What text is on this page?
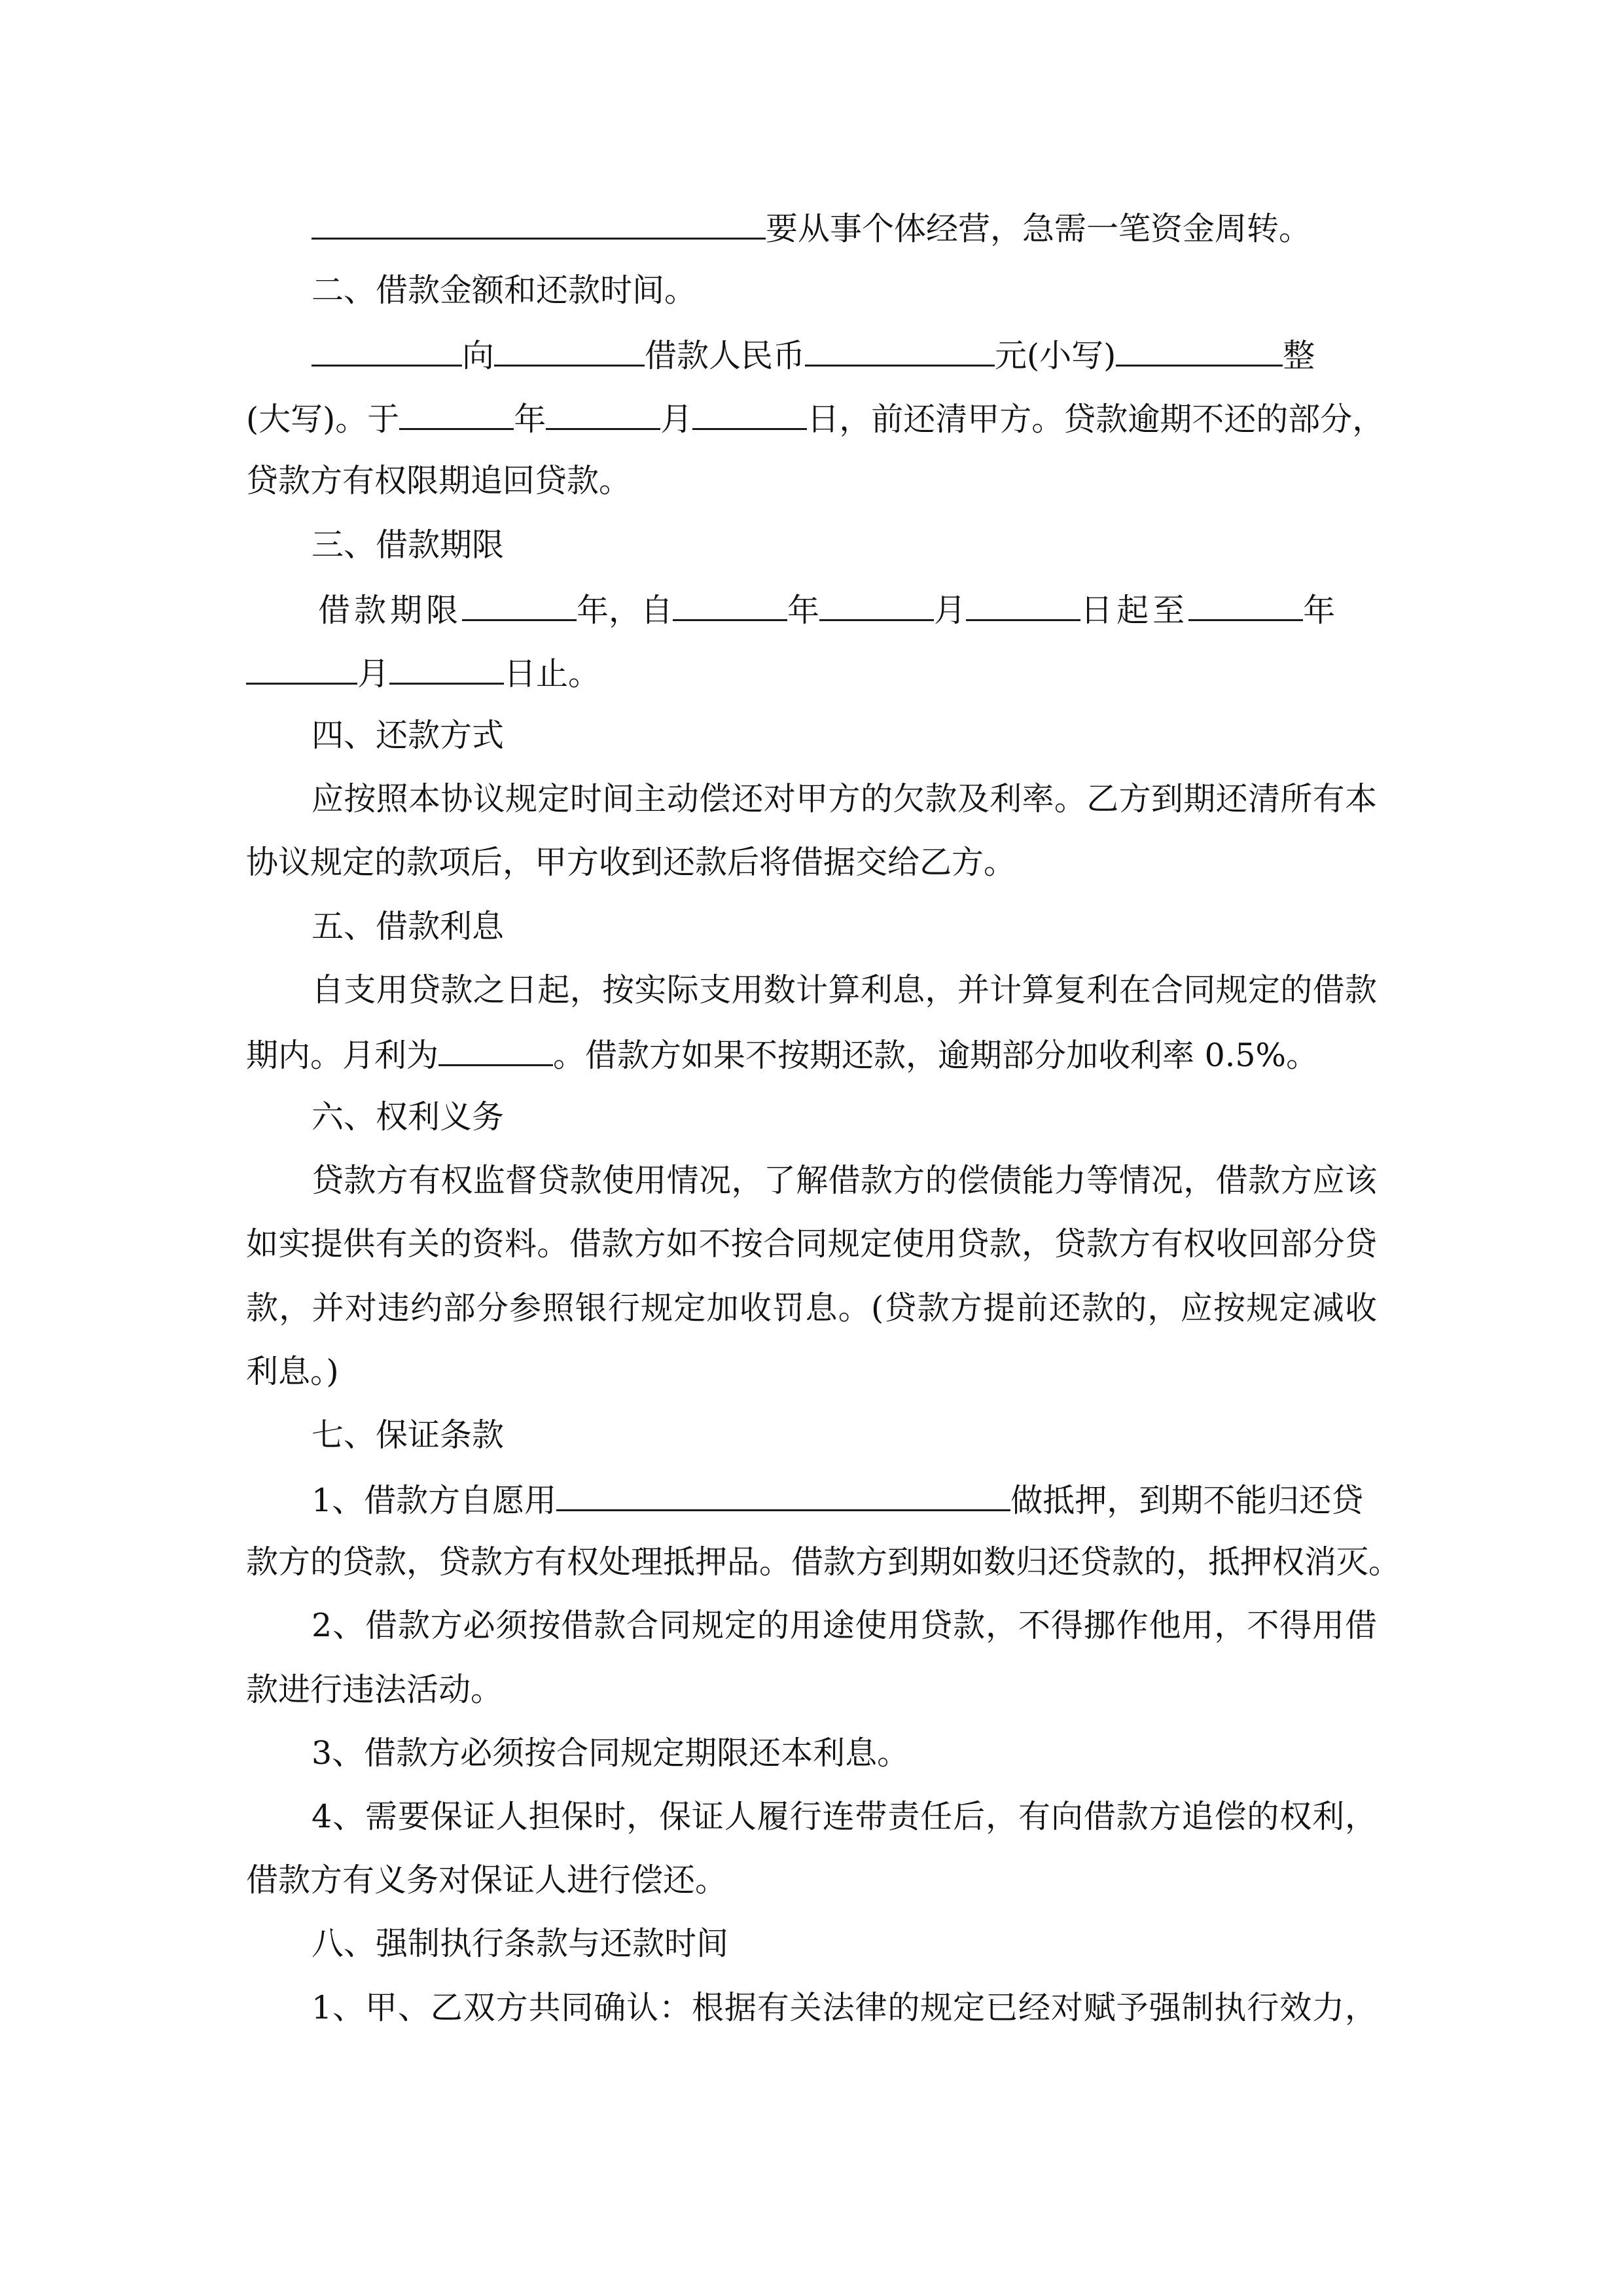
要从事个体经营，急需一笔资金周转。
二、借款金额和还款时间。
向	借款人民币	元(小写)	整
(大写)。于	年	月	日，前还清甲方。贷款逾期不还的部分，
贷款方有权限期追回贷款。
三、借款期限
借款期限	年，自	年	月	日起至	年
月	日止。
四、还款方式
应按照本协议规定时间主动偿还对甲方的欠款及利率。乙方到期还清所有本
协议规定的款项后，甲方收到还款后将借据交给乙方。
五、借款利息
自支用贷款之日起，按实际支用数计算利息，并计算复利在合同规定的借款
期内。月利为	。借款方如果不按期还款，逾期部分加收利率 0.5%。
六、权利义务
贷款方有权监督贷款使用情况，了解借款方的偿债能力等情况，借款方应该
如实提供有关的资料。借款方如不按合同规定使用贷款，贷款方有权收回部分贷
款，并对违约部分参照银行规定加收罚息。(贷款方提前还款的，应按规定减收
利息。)
七、保证条款
1、借款方自愿用	做抵押，到期不能归还贷
款方的贷款，贷款方有权处理抵押品。借款方到期如数归还贷款的，抵押权消灭。
2、借款方必须按借款合同规定的用途使用贷款，不得挪作他用，不得用借
款进行违法活动。
3、借款方必须按合同规定期限还本利息。
4、需要保证人担保时，保证人履行连带责任后，有向借款方追偿的权利，
借款方有义务对保证人进行偿还。
八、强制执行条款与还款时间
1、甲、乙双方共同确认：根据有关法律的规定已经对赋予强制执行效力，
